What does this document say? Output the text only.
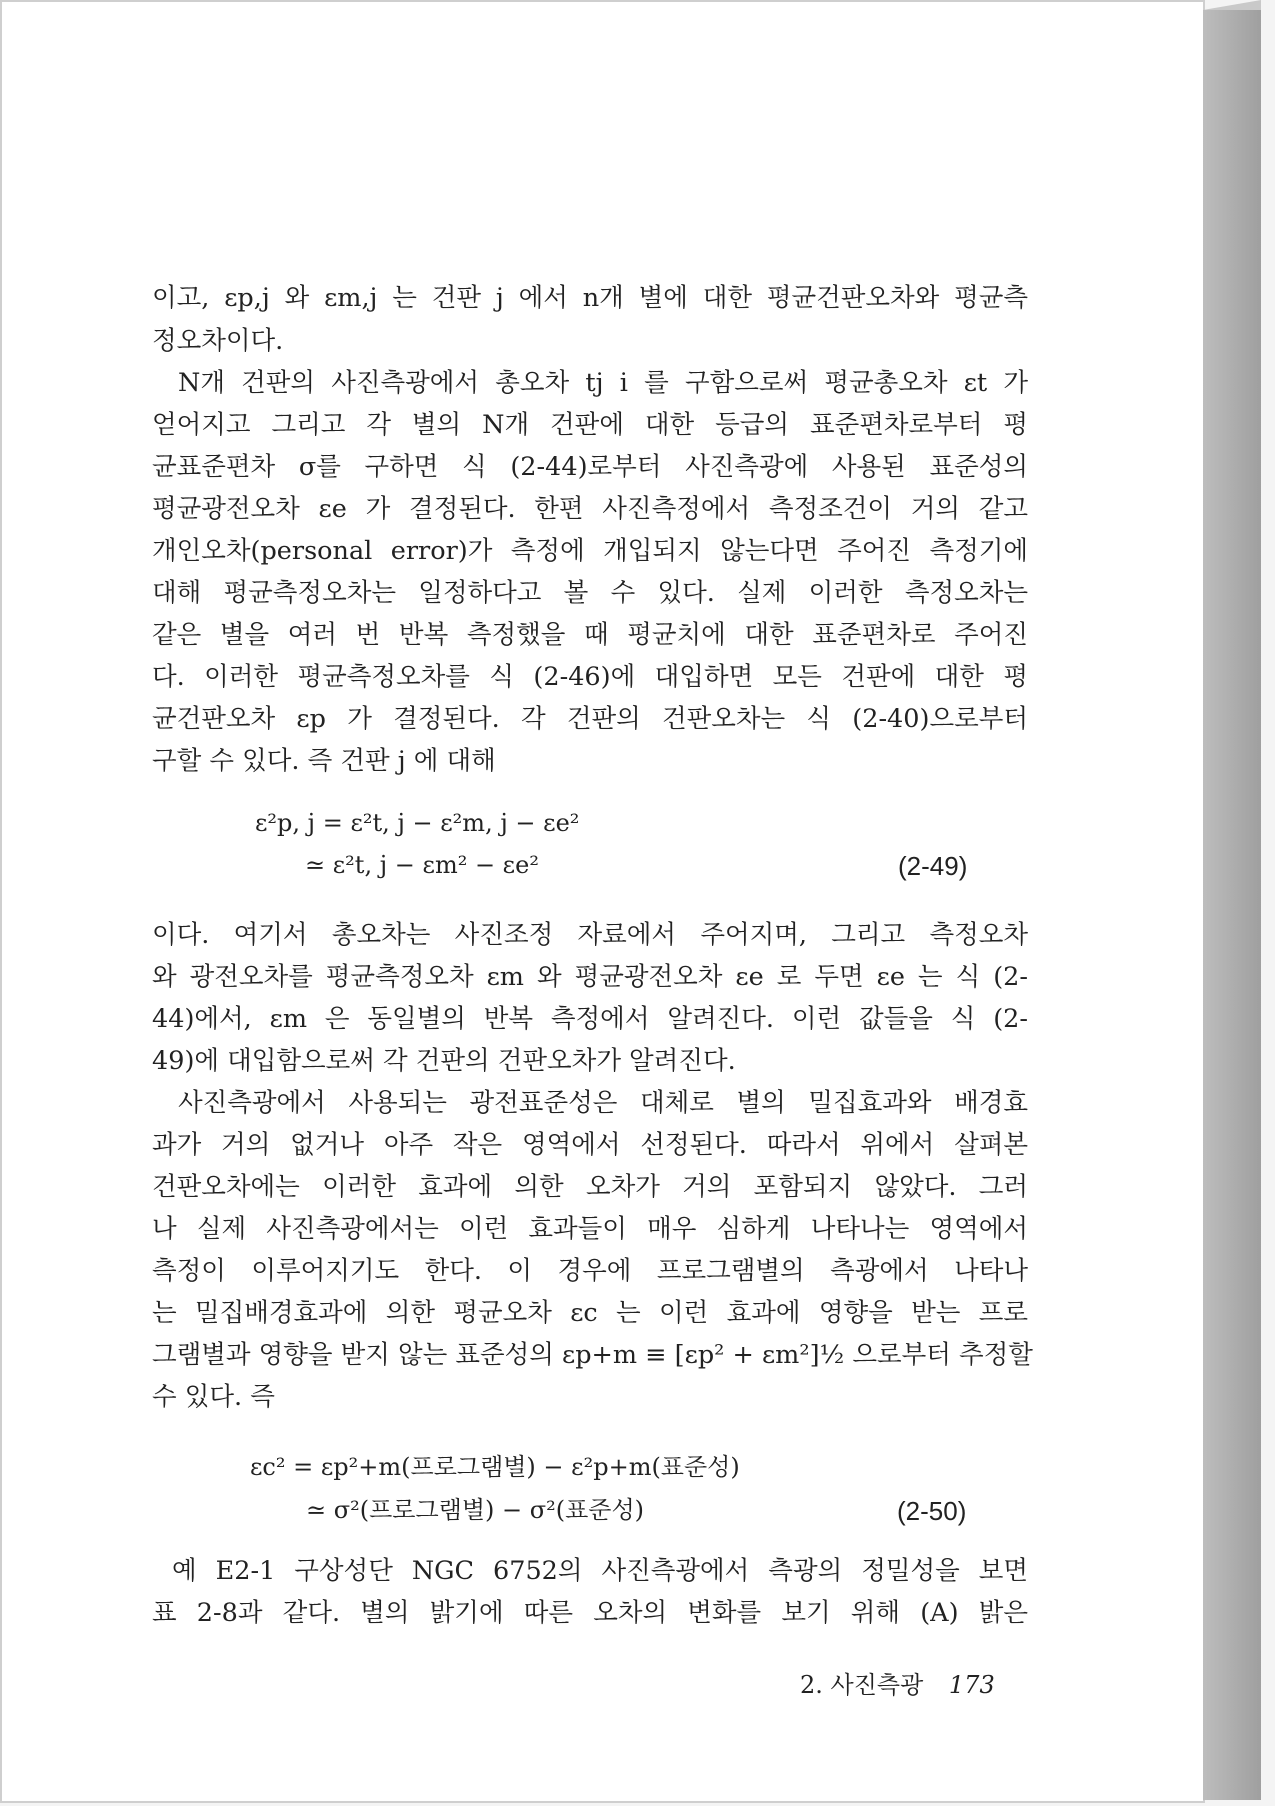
이고, εp,j 와 εm,j 는 건판 j 에서 n개 별에 대한 평균건판오차와 평균측
정오차이다.
N개 건판의 사진측광에서 총오차 tj i 를 구함으로써 평균총오차 εt 가
얻어지고 그리고 각 별의 N개 건판에 대한 등급의 표준편차로부터 평
균표준편차 σ를 구하면 식 (2-44)로부터 사진측광에 사용된 표준성의
평균광전오차 εe 가 결정된다. 한편 사진측정에서 측정조건이 거의 같고
개인오차(personal error)가 측정에 개입되지 않는다면 주어진 측정기에
대해 평균측정오차는 일정하다고 볼 수 있다. 실제 이러한 측정오차는
같은 별을 여러 번 반복 측정했을 때 평균치에 대한 표준편차로 주어진
다. 이러한 평균측정오차를 식 (2-46)에 대입하면 모든 건판에 대한 평
균건판오차 εp 가 결정된다. 각 건판의 건판오차는 식 (2-40)으로부터
구할 수 있다. 즉 건판 j 에 대해
이다. 여기서 총오차는 사진조정 자료에서 주어지며, 그리고 측정오차
와 광전오차를 평균측정오차 εm 와 평균광전오차 εe 로 두면 εe 는 식 (2-
44)에서, εm 은 동일별의 반복 측정에서 알려진다. 이런 값들을 식 (2-
49)에 대입함으로써 각 건판의 건판오차가 알려진다.
사진측광에서 사용되는 광전표준성은 대체로 별의 밀집효과와 배경효
과가 거의 없거나 아주 작은 영역에서 선정된다. 따라서 위에서 살펴본
건판오차에는 이러한 효과에 의한 오차가 거의 포함되지 않았다. 그러
나 실제 사진측광에서는 이런 효과들이 매우 심하게 나타나는 영역에서
측정이 이루어지기도 한다. 이 경우에 프로그램별의 측광에서 나타나
는 밀집배경효과에 의한 평균오차 εc 는 이런 효과에 영향을 받는 프로
그램별과 영향을 받지 않는 표준성의 εp+m ≡ [εp² + εm²]½ 으로부터 추정할
수 있다. 즉
예 E2-1 구상성단 NGC 6752의 사진측광에서 측광의 정밀성을 보면
표 2-8과 같다. 별의 밝기에 따른 오차의 변화를 보기 위해 (A) 밝은
ε²p, j = ε²t, j − ε²m, j − εe²
≃ ε²t, j − εm² − εe²	(2-49)
εc² = εp²+m(프로그램별) − ε²p+m(표준성)
≃ σ²(프로그램별) − σ²(표준성)	(2-50)
2. 사진측광 173
